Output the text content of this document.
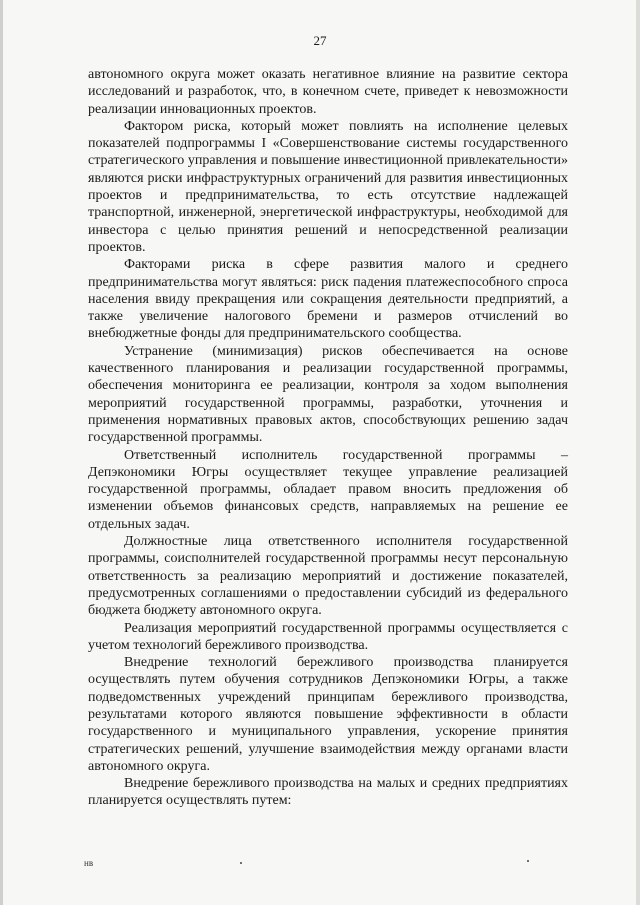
27

автономного округа может оказать негативное влияние на развитие сектора исследований и разработок, что, в конечном счете, приведет к невозможности реализации инновационных проектов.

Фактором риска, который может повлиять на исполнение целевых показателей подпрограммы I «Совершенствование системы государственного стратегического управления и повышение инвестиционной привлекательности» являются риски инфраструктурных ограничений для развития инвестиционных проектов и предпринимательства, то есть отсутствие надлежащей транспортной, инженерной, энергетической инфраструктуры, необходимой для инвестора с целью принятия решений и непосредственной реализации проектов.

Факторами риска в сфере развития малого и среднего предпринимательства могут являться: риск падения платежеспособного спроса населения ввиду прекращения или сокращения деятельности предприятий, а также увеличение налогового бремени и размеров отчислений во внебюджетные фонды для предпринимательского сообщества.

Устранение (минимизация) рисков обеспечивается на основе качественного планирования и реализации государственной программы, обеспечения мониторинга ее реализации, контроля за ходом выполнения мероприятий государственной программы, разработки, уточнения и применения нормативных правовых актов, способствующих решению задач государственной программы.

Ответственный исполнитель государственной программы – Депэкономики Югры осуществляет текущее управление реализацией государственной программы, обладает правом вносить предложения об изменении объемов финансовых средств, направляемых на решение ее отдельных задач.

Должностные лица ответственного исполнителя государственной программы, соисполнителей государственной программы несут персональную ответственность за реализацию мероприятий и достижение показателей, предусмотренных соглашениями о предоставлении субсидий из федерального бюджета бюджету автономного округа.

Реализация мероприятий государственной программы осуществляется с учетом технологий бережливого производства.

Внедрение технологий бережливого производства планируется осуществлять путем обучения сотрудников Депэкономики Югры, а также подведомственных учреждений принципам бережливого производства, результатами которого являются повышение эффективности в области государственного и муниципального управления, ускорение принятия стратегических решений, улучшение взаимодействия между органами власти автономного округа.

Внедрение бережливого производства на малых и средних предприятиях планируется осуществлять путем:

нв
